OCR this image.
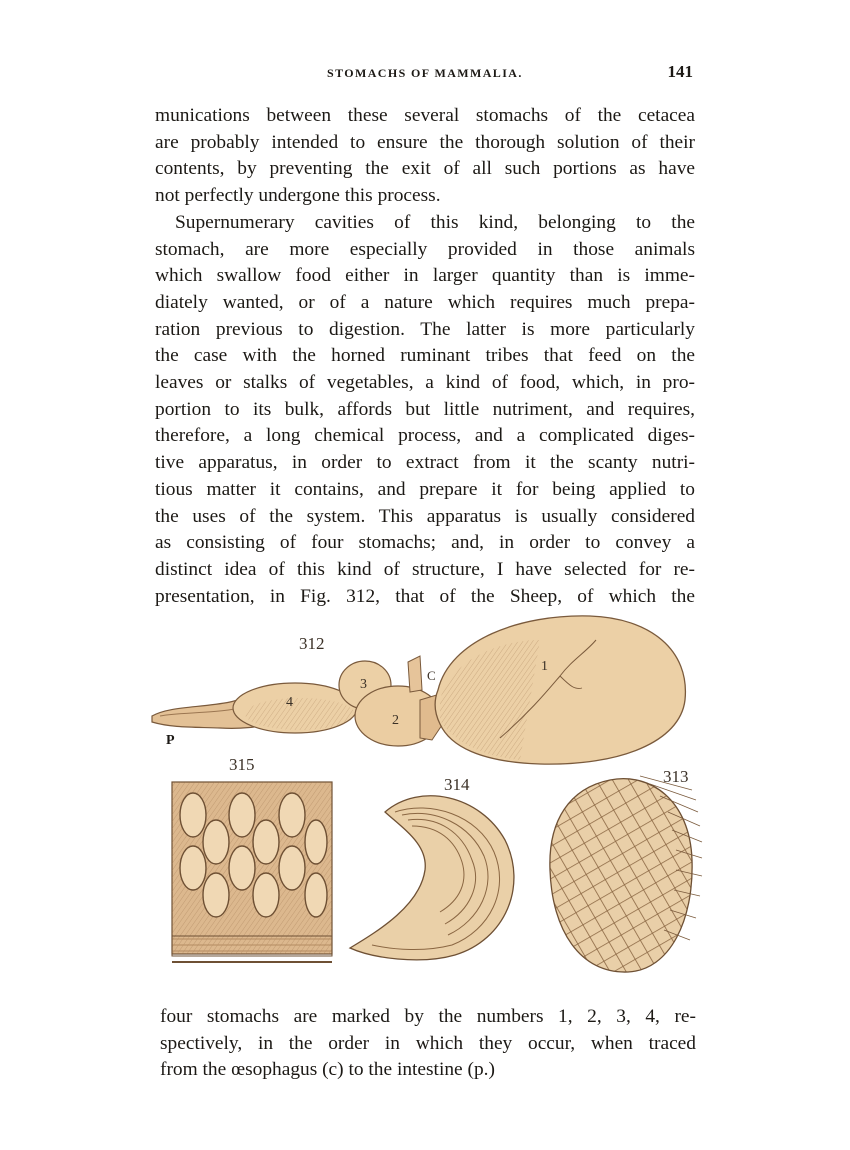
STOMACHS OF MAMMALIA.	141

munications between these several stomachs of the cetacea
are probably intended to ensure the thorough solution of their
contents, by preventing the exit of all such portions as have
not perfectly undergone this process.

Supernumerary cavities of this kind, belonging to the
stomach, are more especially provided in those animals
which swallow food either in larger quantity than is imme-
diately wanted, or of a nature which requires much prepa-
ration previous to digestion. The latter is more particularly
the case with the horned ruminant tribes that feed on the
leaves or stalks of vegetables, a kind of food, which, in pro-
portion to its bulk, affords but little nutriment, and requires,
therefore, a long chemical process, and a complicated diges-
tive apparatus, in order to extract from it the scanty nutri-
tious matter it contains, and prepare it for being applied to
the uses of the system. This apparatus is usually considered
as consisting of four stomachs; and, in order to convey a
distinct idea of this kind of structure, I have selected for re-
presentation, in Fig. 312, that of the Sheep, of which the

312
1
2
3
4
C
P
315
314	313

four stomachs are marked by the numbers 1, 2, 3, 4, re-
spectively, in the order in which they occur, when traced
from the œsophagus (c) to the intestine (p.)
